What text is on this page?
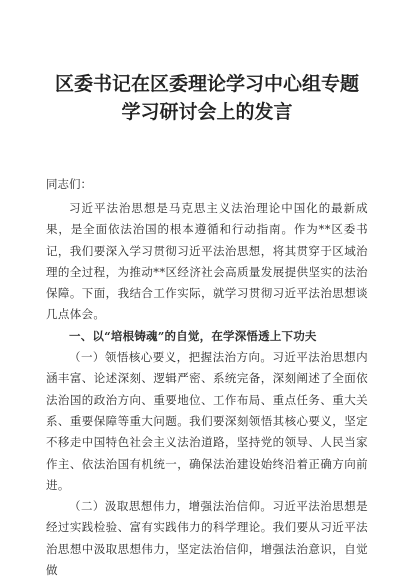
区委书记在区委理论学习中心组专题
学习研讨会上的发言

同志们：

习近平法治思想是马克思主义法治理论中国化的最新成果，是全面依法治国的根本遵循和行动指南。作为**区委书记，我们要深入学习贯彻习近平法治思想，将其贯穿于区域治理的全过程，为推动**区经济社会高质量发展提供坚实的法治保障。下面，我结合工作实际，就学习贯彻习近平法治思想谈几点体会。

一、以“培根铸魂”的自觉，在学深悟透上下功夫

（一）领悟核心要义，把握法治方向。习近平法治思想内涵丰富、论述深刻、逻辑严密、系统完备，深刻阐述了全面依法治国的政治方向、重要地位、工作布局、重点任务、重大关系、重要保障等重大问题。我们要深刻领悟其核心要义，坚定不移走中国特色社会主义法治道路，坚持党的领导、人民当家作主、依法治国有机统一，确保法治建设始终沿着正确方向前进。

（二）汲取思想伟力，增强法治信仰。习近平法治思想是经过实践检验、富有实践伟力的科学理论。我们要从习近平法治思想中汲取思想伟力，坚定法治信仰，增强法治意识，自觉做
